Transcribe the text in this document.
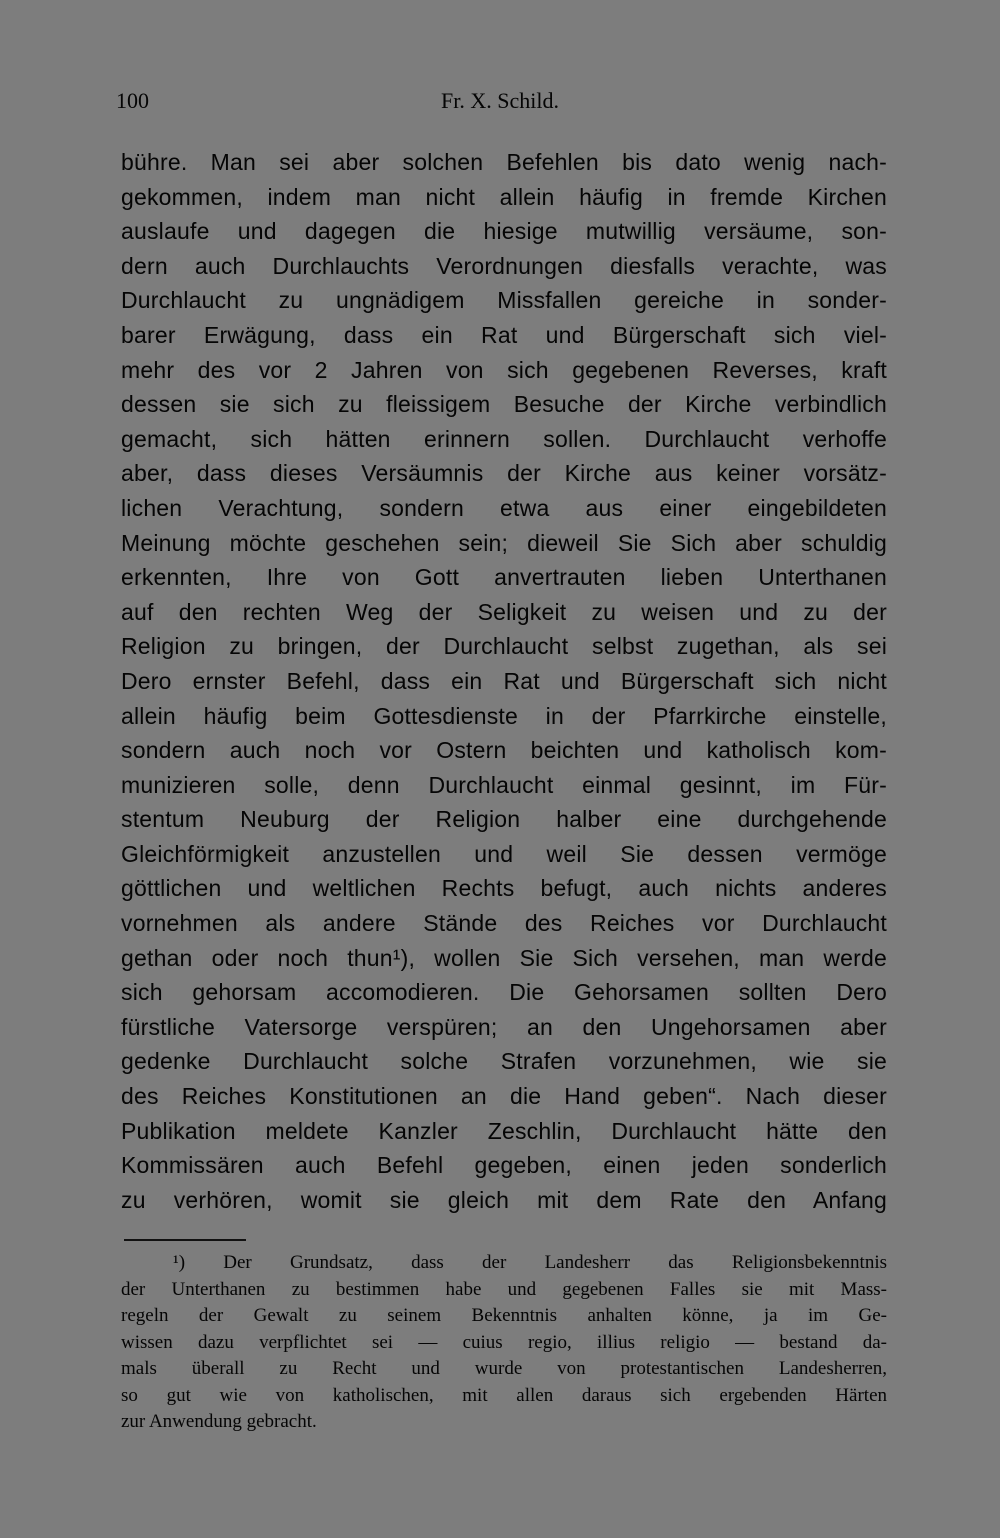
100	Fr. X. Schild.
bühre. Man sei aber solchen Befehlen bis dato wenig nach-
gekommen, indem man nicht allein häufig in fremde Kirchen
auslaufe und dagegen die hiesige mutwillig versäume, son-
dern auch Durchlauchts Verordnungen diesfalls verachte, was
Durchlaucht zu ungnädigem Missfallen gereiche in sonder-
barer Erwägung, dass ein Rat und Bürgerschaft sich viel-
mehr des vor 2 Jahren von sich gegebenen Reverses, kraft
dessen sie sich zu fleissigem Besuche der Kirche verbindlich
gemacht, sich hätten erinnern sollen. Durchlaucht verhoffe
aber, dass dieses Versäumnis der Kirche aus keiner vorsätz-
lichen Verachtung, sondern etwa aus einer eingebildeten
Meinung möchte geschehen sein; dieweil Sie Sich aber schuldig
erkennten, Ihre von Gott anvertrauten lieben Unterthanen
auf den rechten Weg der Seligkeit zu weisen und zu der
Religion zu bringen, der Durchlaucht selbst zugethan, als sei
Dero ernster Befehl, dass ein Rat und Bürgerschaft sich nicht
allein häufig beim Gottesdienste in der Pfarrkirche einstelle,
sondern auch noch vor Ostern beichten und katholisch kom-
munizieren solle, denn Durchlaucht einmal gesinnt, im Für-
stentum Neuburg der Religion halber eine durchgehende
Gleichförmigkeit anzustellen und weil Sie dessen vermöge
göttlichen und weltlichen Rechts befugt, auch nichts anderes
vornehmen als andere Stände des Reiches vor Durchlaucht
gethan oder noch thun¹), wollen Sie Sich versehen, man werde
sich gehorsam accomodieren. Die Gehorsamen sollten Dero
fürstliche Vatersorge verspüren; an den Ungehorsamen aber
gedenke Durchlaucht solche Strafen vorzunehmen, wie sie
des Reiches Konstitutionen an die Hand geben“. Nach dieser
Publikation meldete Kanzler Zeschlin, Durchlaucht hätte den
Kommissären auch Befehl gegeben, einen jeden sonderlich
zu verhören, womit sie gleich mit dem Rate den Anfang
¹) Der Grundsatz, dass der Landesherr das Religionsbekenntnis
der Unterthanen zu bestimmen habe und gegebenen Falles sie mit Mass-
regeln der Gewalt zu seinem Bekenntnis anhalten könne, ja im Ge-
wissen dazu verpflichtet sei — cuius regio, illius religio — bestand da-
mals überall zu Recht und wurde von protestantischen Landesherren,
so gut wie von katholischen, mit allen daraus sich ergebenden Härten
zur Anwendung gebracht.
